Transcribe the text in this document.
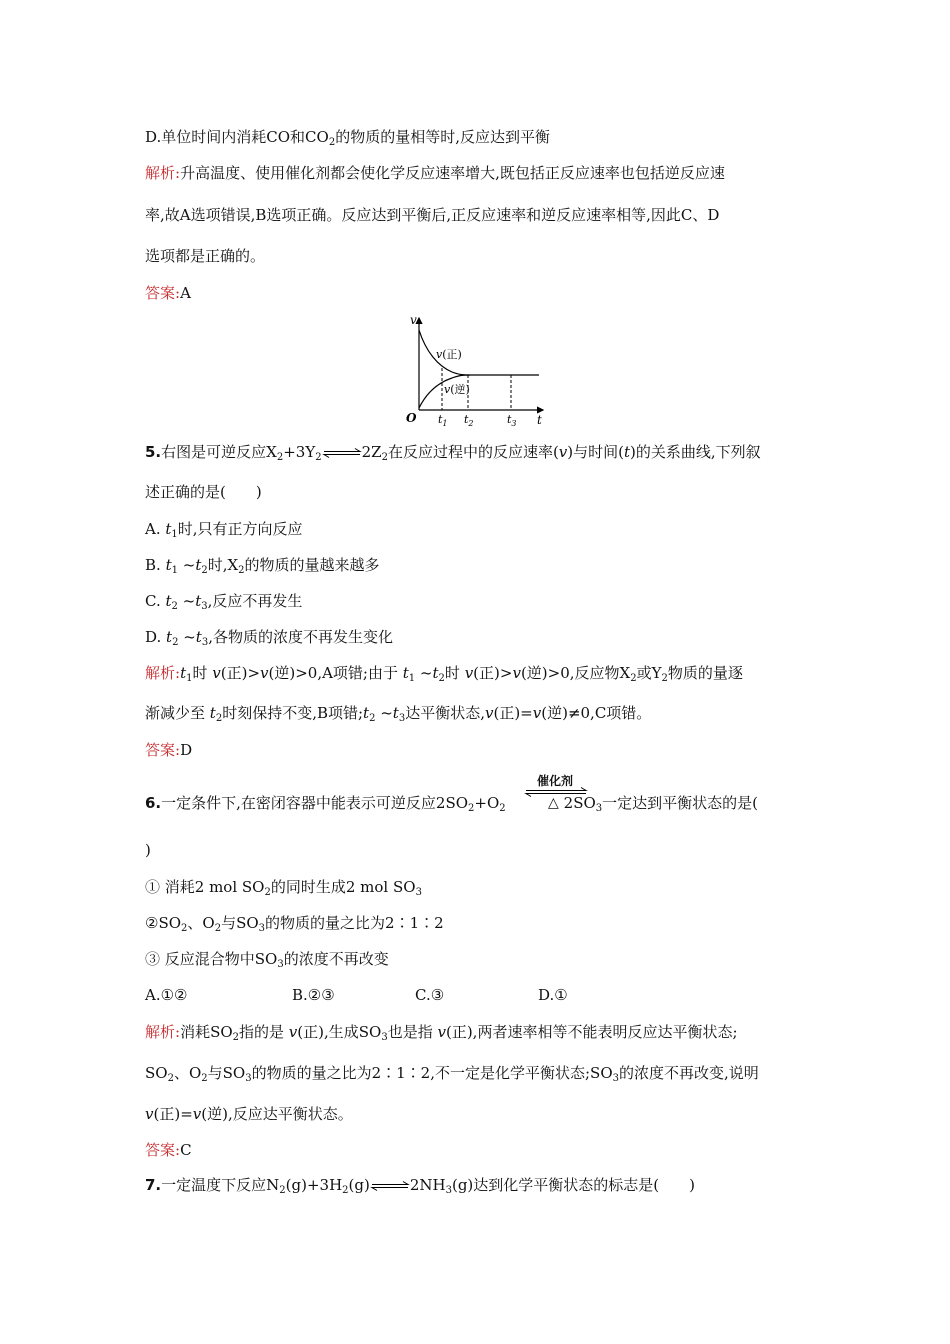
D.单位时间内消耗CO和$CO_2$的物质的量相等时,反应达到平衡
解析:升高温度、使用催化剂都会使化学反应速率增大,既包括正反应速率也包括逆反应速
率,故A选项错误,B选项正确。反应达到平衡后,正反应速率和逆反应速率相等,因此C、D
选项都是正确的。
答案:A
v
t
O
v(正)
v(逆)
$t_1$ $t_2$	$t_3$
5.右图是可逆反应$X_2+3Y_2\rightleftharpoons 2Z_2$在反应过程中的反应速率(v)与时间(t)的关系曲线,下列叙
述正确的是(　　)
A. $t_1$时,只有正方向反应
B. $t_1$ $\sim t_2$时$,X_2$的物质的量越来越多
C. $t_2$ $\sim t_3$,反应不再发生
D. $t_2$ $\sim t_3$,各物质的浓度不再发生变化
解析$:t_1$时 v(正)>v(逆)>0,A项错;由于 $t_1$ $\sim t_2$时 v(正)>v(逆)>0,反应物$X_2$或$Y_2$物质的量逐
渐减少至 $t_2$时刻保持不变,B项错$;t_2$ $\sim t_3$达平衡状态,v(正)=v(逆)≠0,C项错。
答案:D
6.一定条件下,在密闭容器中能表示可逆反应$2SO_2+O_2$	$2SO_3$一定达到平衡状态的是(
催化剂
△
)
① 消耗2 mol $SO_2$的同时生成2 mol $SO_3$
$②SO_2$、$O_2$与$SO_3$的物质的量之比为2∶1∶2
③ 反应混合物中$SO_3$的浓度不再改变
A.①②	B.②③	C.③	D.①
解析:消耗$SO_2$指的是 v(正),生成$SO_3$也是指 v(正),两者速率相等不能表明反应达平衡状态;
$SO_2$、$O_2$与$SO_3$的物质的量之比为2∶1∶2,不一定是化学平衡状态$;SO_3$的浓度不再改变,说明
v(正)=v(逆),反应达平衡状态。
答案:C
7.一定温度下反应$N_2(g)+3H_2(g)\rightleftharpoons 2NH_3(g)$达到化学平衡状态的标志是(　　)
